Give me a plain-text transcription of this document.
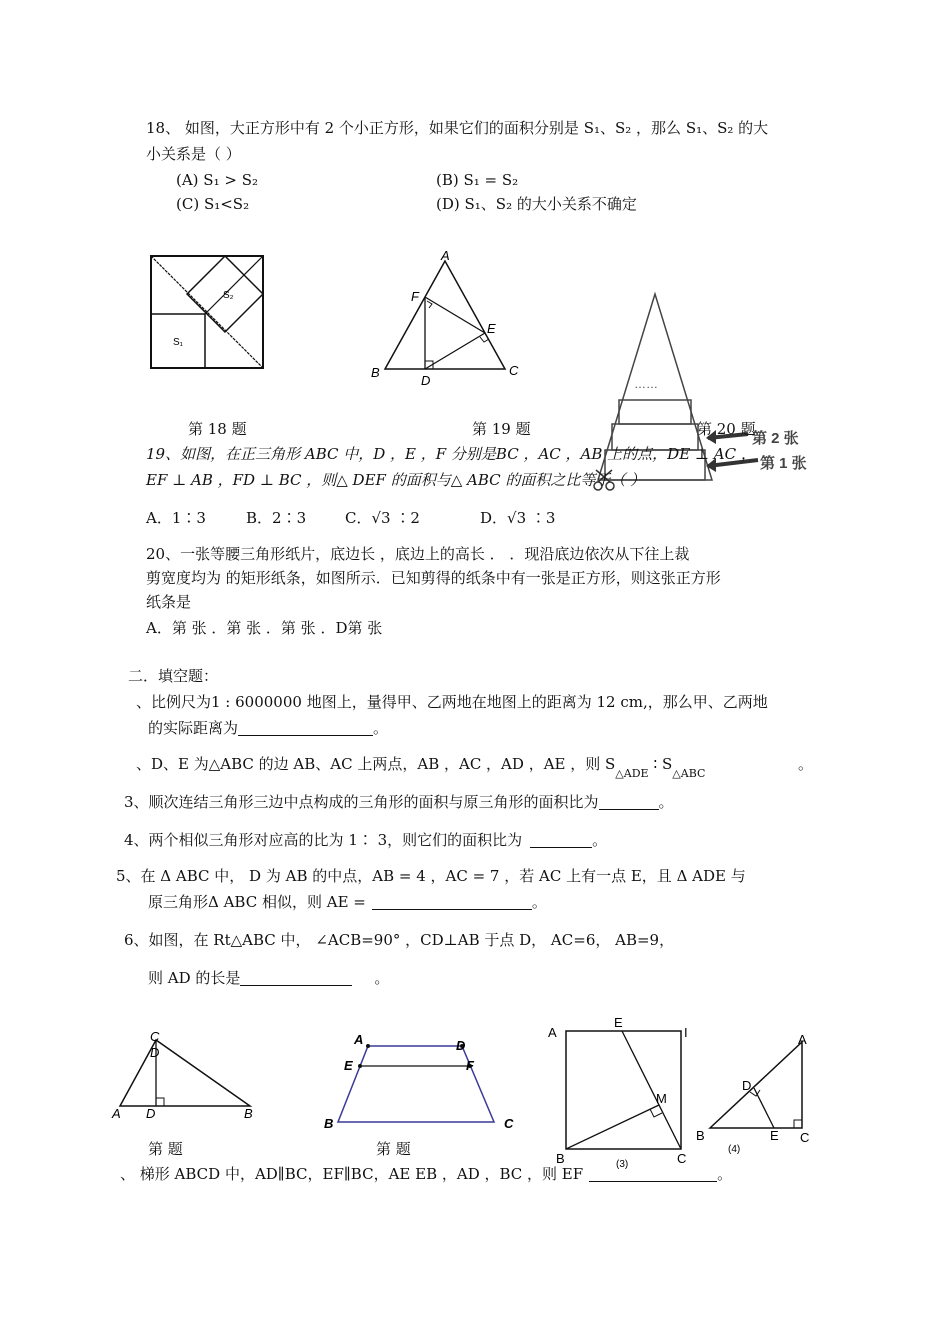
18、 如图，大正方形中有 2 个小正方形，如果它们的面积分别是 S₁、S₂ ，那么 S₁、S₂ 的大
小关系是（ ）
(A) S₁ > S₂	(B) S₁ = S₂
(C) S₁<S₂	(D) S₁、S₂ 的大小关系不确定
S₂
S₁
第 18 题
A
F
E
B
D
C
第 19 题
……
第 2 张
第 1 张
第 20 题
19、如图，在正三角形 ABC 中，D ，E ，F 分别是BC ，AC ，AB 上的点，DE ⊥ AC ，
EF ⊥ AB ，FD ⊥ BC ，则△ DEF 的面积与△ ABC 的面积之比等于（ ）
A．1∶3	B．2∶3	C．√3 ∶2	D．√3 ∶3
20、一张等腰三角形纸片，底边长 ，底边上的高长 ． ．现沿底边依次从下往上裁
剪宽度均为 的矩形纸条，如图所示．已知剪得的纸条中有一张是正方形，则这张正方形
纸条是
A．第 张 ．第 张 ．第 张 ．D第 张
二．填空题：
、比例尺为1 : 6000000 地图上，量得甲、乙两地在地图上的距离为 12 cm,，那么甲、乙两地
的实际距离为	。
、D、E 为△ABC 的边 AB、AC 上两点，AB ，AC ，AD ，AE ，则 $S_{\triangle ADE}$ ∶ $S_{\triangle ABC}$
。
3、顺次连结三角形三边中点构成的三角形的面积与原三角形的面积比为	。
4、两个相似三角形对应高的比为 1∶ 3，则它们的面积比为	。
5、在 Δ ABC 中， D 为 AB 的中点，AB = 4 ，AC = 7 ，若 AC 上有一点 E，且 Δ ADE 与
原三角形Δ ABC 相似，则 AE =	。
6、如图，在 Rt△ABC 中， ∠ACB=90° ，CD⊥AB 于点 D， AC=6， AB=9，
则 AD 的长是	。
C
D
A D	B
第 题
A	D
E	F
B	C
第 题
A
E
I
M
B	C
(3)
A
D
B	E C
(4)
、 梯形 ABCD 中，AD∥BC，EF∥BC，AE EB ，AD ，BC ，则 EF	。
